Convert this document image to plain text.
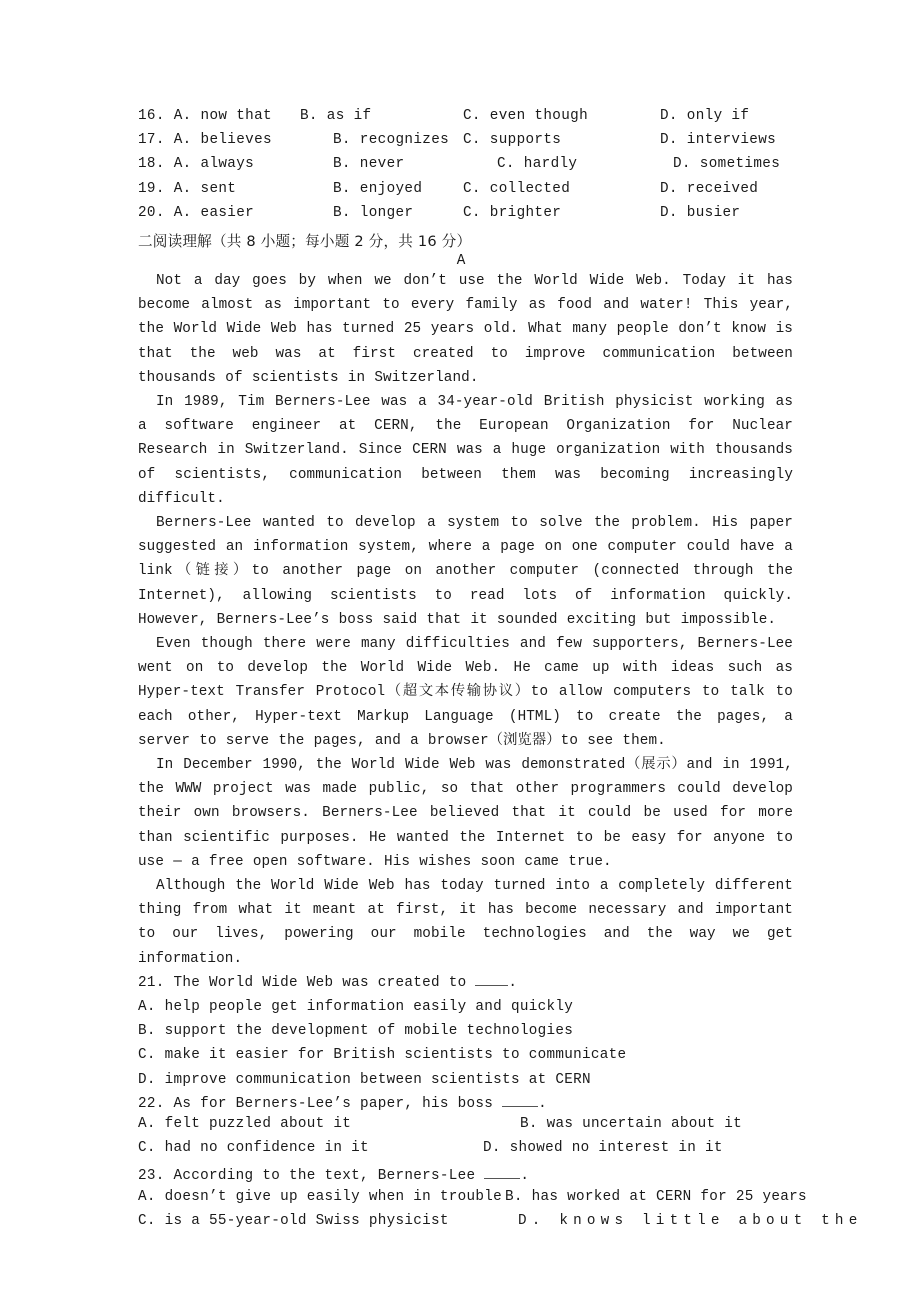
16. A. now that B. as if	C. even though	D. only if
17. A. believes	B. recognizes C. supports	D. interviews
18. A. always	B. never	C. hardly	D. sometimes
19. A. sent	B. enjoyed	C. collected	D. received
20. A. easier	B. longer	C. brighter	D. busier
二阅读理解（共 8 小题；每小题 2 分，共 16 分）
A

Not a day goes by when we don’t use the World Wide Web. Today it has become almost as important to every family as food and water! This year, the World Wide Web has turned 25 years old. What many people don’t know is that the web was at first created to improve communication between thousands of scientists in Switzerland.

In 1989, Tim Berners-Lee was a 34-year-old British physicist working as a software engineer at CERN, the European Organization for Nuclear Research in Switzerland. Since CERN was a huge organization with thousands of scientists, communication between them was becoming increasingly difficult.

Berners-Lee wanted to develop a system to solve the problem. His paper suggested an information system, where a page on one computer could have a link（链接）to another page on another computer (connected through the Internet), allowing scientists to read lots of information quickly. However, Berners-Lee’s boss said that it sounded exciting but impossible.

Even though there were many difficulties and few supporters, Berners-Lee went on to develop the World Wide Web. He came up with ideas such as Hyper-text Transfer Protocol（超文本传输协议）to allow computers to talk to each other, Hyper-text Markup Language (HTML) to create the pages, a server to serve the pages, and a browser（浏览器）to see them.

In December 1990, the World Wide Web was demonstrated（展示）and in 1991, the WWW project was made public, so that other programmers could develop their own browsers. Berners-Lee believed that it could be used for more than scientific purposes. He wanted the Internet to be easy for anyone to use — a free open software. His wishes soon came true.

Although the World Wide Web has today turned into a completely different thing from what it meant at first, it has become necessary and important to our lives, powering our mobile technologies and the way we get information.

21. The World Wide Web was created to .
A. help people get information easily and quickly
B. support the development of mobile technologies
C. make it easier for British scientists to communicate
D. improve communication between scientists at CERN
22. As for Berners-Lee’s paper, his boss	.
A. felt puzzled about it	B. was uncertain about it
C. had no confidence in it	D. showed no interest in it
23. According to the text, Berners-Lee	.
A. doesn’t give up easily when in trouble B. has worked at CERN for 25 years
C. is a 55-year-old Swiss physicist	D. knows little about the
